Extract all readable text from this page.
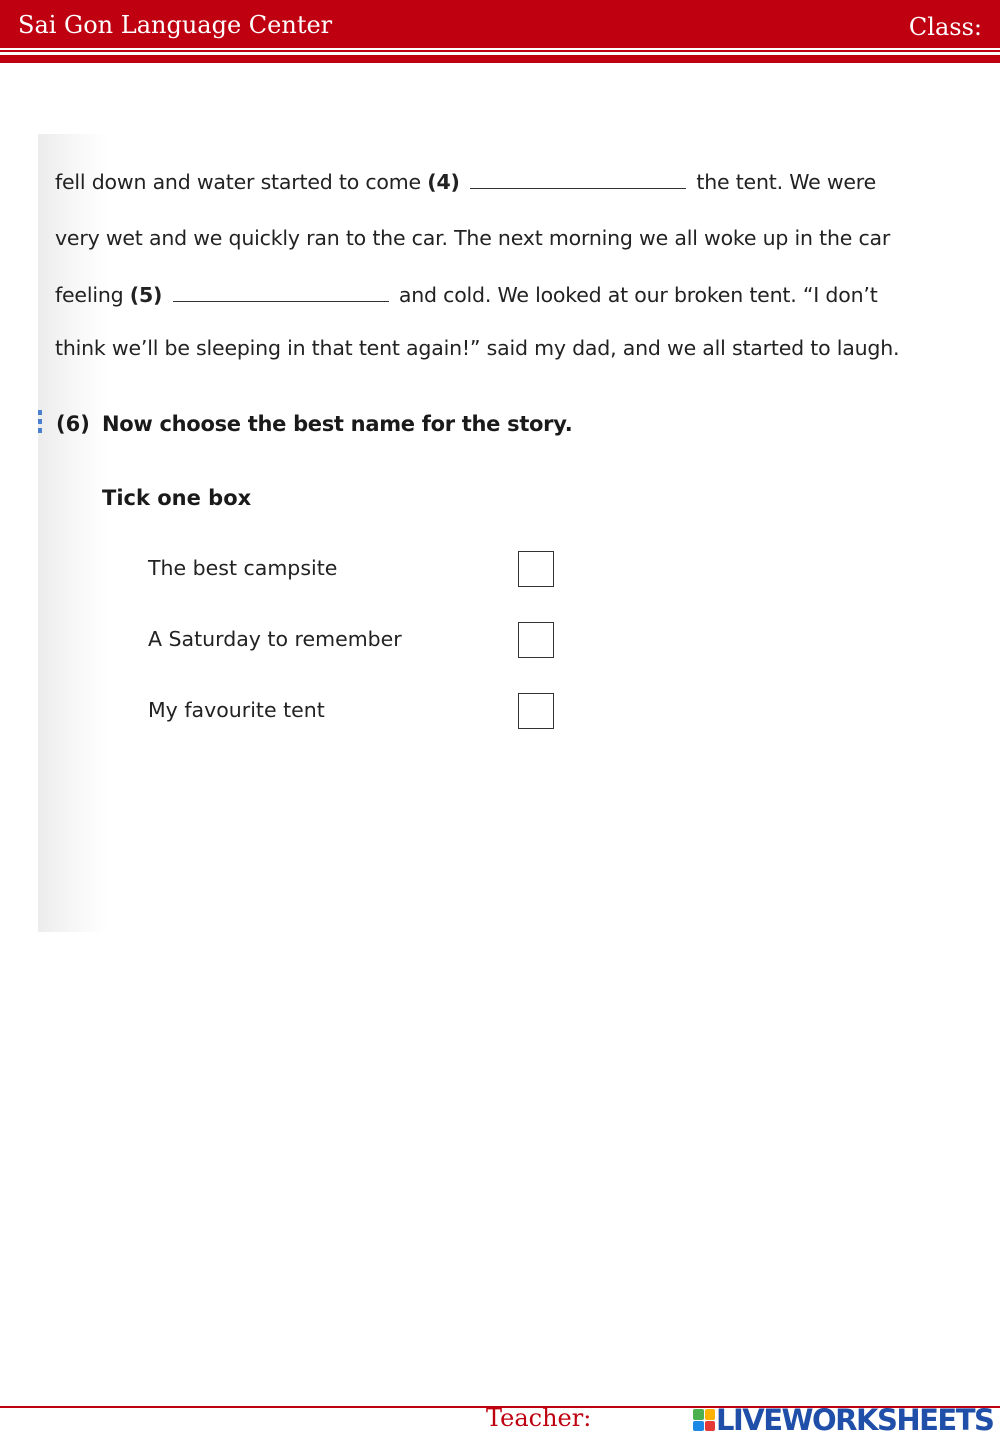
Sai Gon Language Center	Class:
fell down and water started to come (4)	the tent. We were
very wet and we quickly ran to the car. The next morning we all woke up in the car
feeling (5)	and cold. We looked at our broken tent. “I don’t
think we’ll be sleeping in that tent again!” said my dad, and we all started to laugh.
(6) Now choose the best name for the story.
Tick one box
The best campsite
A Saturday to remember
My favourite tent
Teacher:	LIVEWORKSHEETS
